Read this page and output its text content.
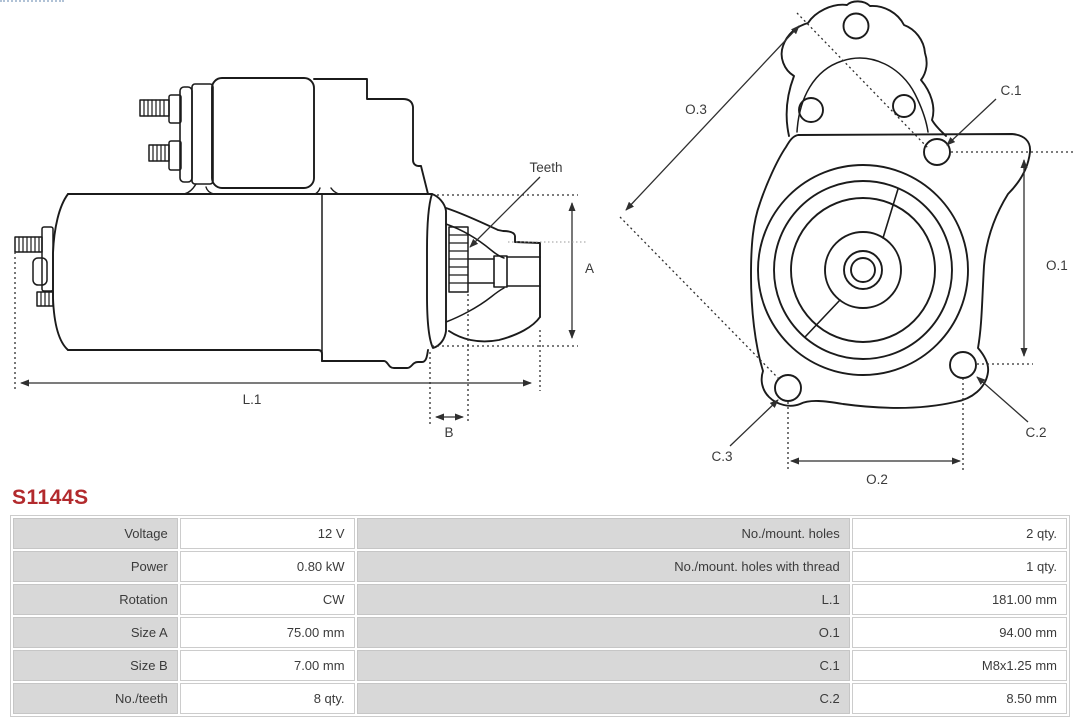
A
L.1
B
Teeth
O.3
C.1
O.1
C.2
C.3
O.2
S1144S
Voltage	12 V	No./mount. holes	2 qty.
Power	0.80 kW	No./mount. holes with thread	1 qty.
Rotation	CW	L.1	181.00 mm
Size A	75.00 mm	O.1	94.00 mm
Size B	7.00 mm	C.1	M8x1.25 mm
No./teeth	8 qty.	C.2	8.50 mm
